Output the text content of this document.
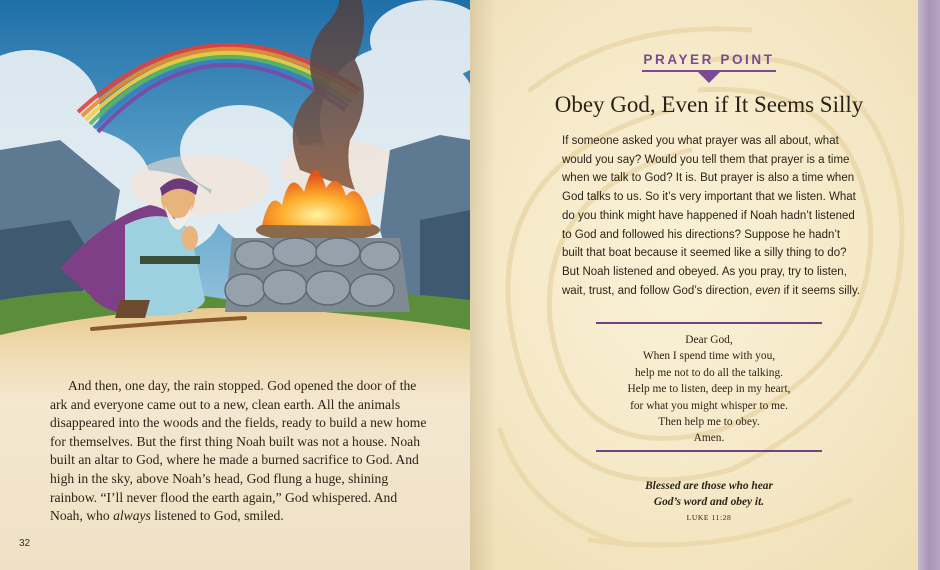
And then, one day, the rain stopped. God opened the door of the ark and everyone came out to a new, clean earth. All the animals disappeared into the woods and the fields, ready to build a new home for themselves. But the first thing Noah built was not a house. Noah built an altar to God, where he made a burned sacrifice to God. And high in the sky, above Noah’s head, God flung a huge, shining rainbow. “I’ll never flood the earth again,” God whispered. And Noah, who always listened to God, smiled.

32
PRAYER POINT
Obey God, Even if It Seems Silly
If someone asked you what prayer was all about, what would you say? Would you tell them that prayer is a time when we talk to God? It is. But prayer is also a time when God talks to us. So it’s very important that we listen. What do you think might have happened if Noah hadn’t listened to God and followed his directions? Suppose he hadn’t built that boat because it seemed like a silly thing to do? But Noah listened and obeyed. As you pray, try to listen, wait, trust, and follow God’s direction, even if it seems silly.
Dear God,
When I spend time with you,
help me not to do all the talking.
Help me to listen, deep in my heart,
for what you might whisper to me.
Then help me to obey.
Amen.
Blessed are those who hear
God’s word and obey it.
LUKE 11:28
